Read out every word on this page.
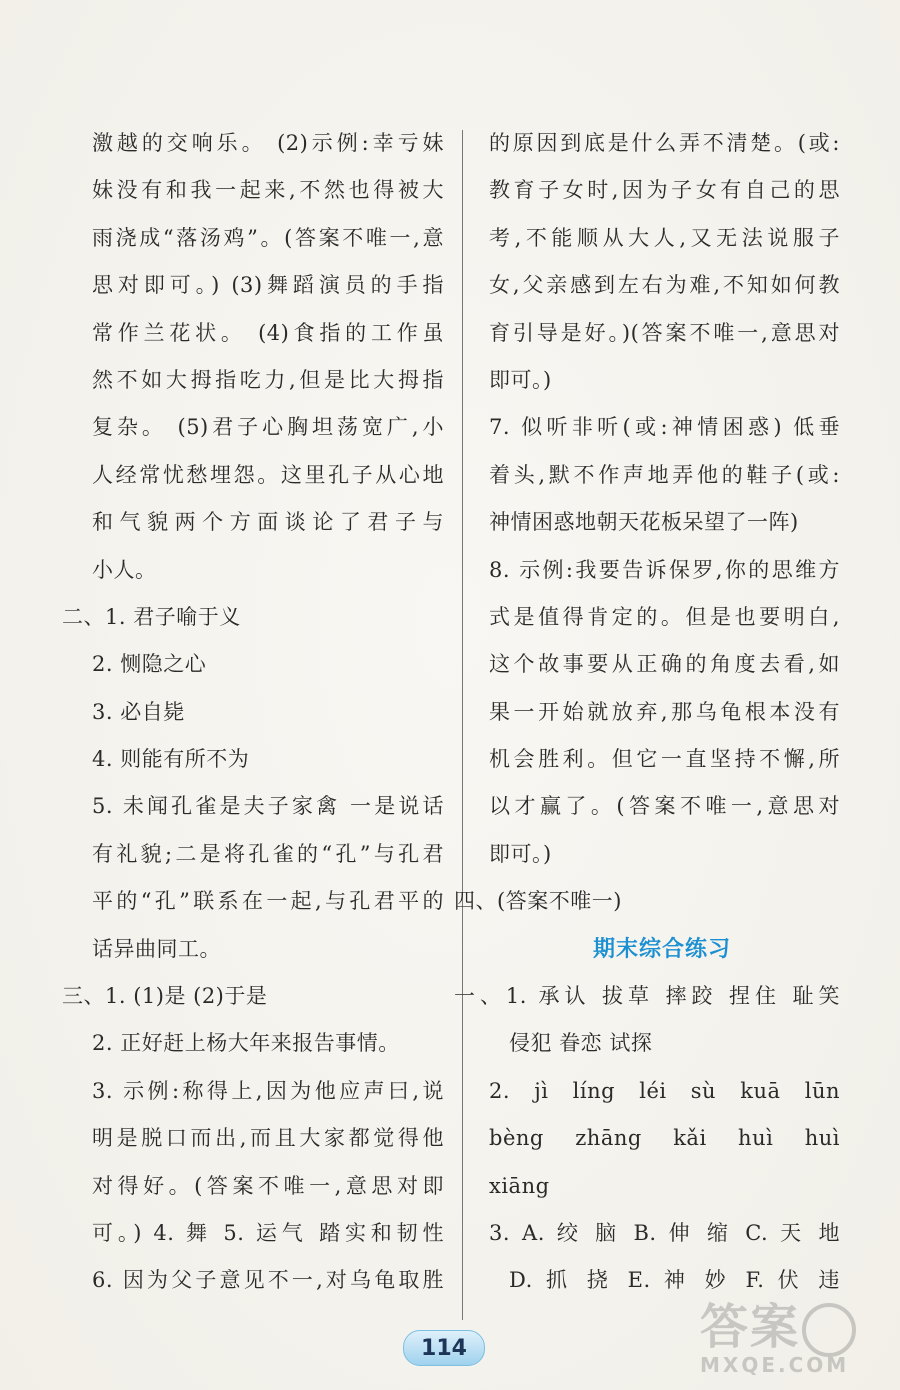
激越的交响乐。 (2)示例:幸亏妹
妹没有和我一起来,不然也得被大
雨浇成“落汤鸡”。(答案不唯一,意
思对即可。) (3)舞蹈演员的手指
常作兰花状。 (4)食指的工作虽
然不如大拇指吃力,但是比大拇指
复杂。 (5)君子心胸坦荡宽广,小
人经常忧愁埋怨。这里孔子从心地
和气貌两个方面谈论了君子与
小人。
二、1. 君子喻于义
2. 恻隐之心
3. 必自毙
4. 则能有所不为
5. 未闻孔雀是夫子家禽 一是说话
有礼貌;二是将孔雀的“孔”与孔君
平的“孔”联系在一起,与孔君平的
话异曲同工。
三、1. (1)是 (2)于是
2. 正好赶上杨大年来报告事情。
3. 示例:称得上,因为他应声曰,说
明是脱口而出,而且大家都觉得他
对得好。(答案不唯一,意思对即
可。) 4. 舞 5. 运气 踏实和韧性
6. 因为父子意见不一,对乌龟取胜
的原因到底是什么弄不清楚。(或:
教育子女时,因为子女有自己的思
考,不能顺从大人,又无法说服子
女,父亲感到左右为难,不知如何教
育引导是好。)(答案不唯一,意思对
即可。)
7. 似听非听(或:神情困惑) 低垂
着头,默不作声地弄他的鞋子(或:
神情困惑地朝天花板呆望了一阵)
8. 示例:我要告诉保罗,你的思维方
式是值得肯定的。但是也要明白,
这个故事要从正确的角度去看,如
果一开始就放弃,那乌龟根本没有
机会胜利。但它一直坚持不懈,所
以才赢了。(答案不唯一,意思对
即可。)
四、(答案不唯一)
期末综合练习
一、1. 承认 拔草 摔跤 捏住 耻笑
侵犯 眷恋 试探
2. jì líng léi sù kuā lūn
bèng zhāng kǎi huì huì
xiāng
3. A. 绞 脑 B. 伸 缩 C. 天 地
D. 抓 挠 E. 神 妙 F. 伏 违
114	答案
MXQE.COM
